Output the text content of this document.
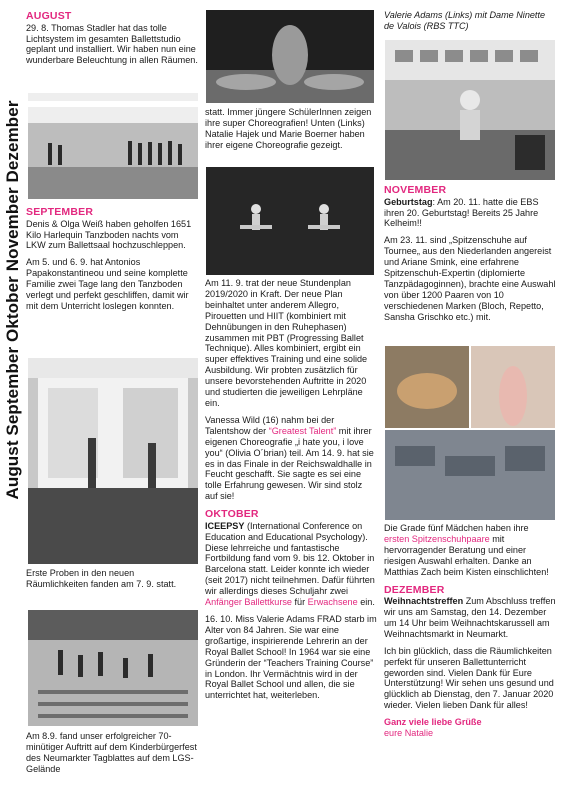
August September Oktober November Dezember
AUGUST

29. 8. Thomas Stadler hat das tolle Lichtsystem im gesamten Ballettstudio geplant und installiert. Wir haben nun eine wunderbare Beleuchtung in allen Räumen.

SEPTEMBER

Denis & Olga Weiß haben geholfen 1651 Kilo Harlequin Tanzboden nachts vom LKW zum Ballettsaal hochzuschleppen.

Am 5. und 6. 9. hat Antonios Papakonstantineou und seine komplette Familie zwei Tage lang den Tanzboden verlegt und perfekt geschliffen, damit wir mit dem Unterricht loslegen konnten.

Erste Proben in den neuen Räumlichkeiten fanden am 7. 9. statt.

Am 8.9. fand unser erfolgreicher 70-minütiger Auftritt auf dem Kinderbürgerfest des Neumarkter Tagblattes auf dem LGS-Gelände

statt. Immer jüngere SchülerInnen zeigen ihre super Choreografien! Unten (Links) Natalie Hajek und Marie Boerner haben ihrer eigene Choreografie gezeigt.

Am 11. 9. trat der neue Stundenplan 2019/2020 in Kraft. Der neue Plan beinhaltet unter anderem Allegro, Pirouetten und HIIT (kombiniert mit Dehnübungen in den Ruhephasen) zusammen mit PBT (Progressing Ballet Technique). Alles kombiniert, ergibt ein super effektives Training und eine solide Ausbildung. Wir probten zusätzlich für unsere bevorstehenden Auftritte in 2020 und studierten die jeweiligen Lehrpläne ein.

Vanessa Wild (16) nahm bei der Talentshow der “Greatest Talent” mit ihrer eigenen Choreografie „i hate you, i love you“ (Olivia O´brian) teil. Am 14. 9. hat sie es in das Finale in der Reichswaldhalle in Feucht geschafft. Sie sagte es sei eine tolle Erfahrung gewesen. Wir sind stolz auf sie!

OKTOBER

ICEEPSY (International Conference on Education and Educational Psychology). Diese lehrreiche und fantastische Fortbildung fand vom 9. bis 12. Oktober in Barcelona statt. Leider konnte ich wieder (seit 2017) nicht teilnehmen. Dafür führten wir allerdings dieses Schuljahr zwei Anfänger Ballettkurse für Erwachsene ein.

16. 10. Miss Valerie Adams FRAD starb im Alter von 84 Jahren. Sie war eine großartige, inspirierende Lehrerin an der Royal Ballet School! In 1964 war sie eine Gründerin der “Teachers Training Course” in London. Ihr Vermächtnis wird in der Royal Ballet School und allen, die sie unterrichtet hat, weiterleben.

Valerie Adams (Links) mit Dame Ninette de Valois (RBS TTC)

NOVEMBER

Geburtstag: Am 20. 11. hatte die EBS ihren 20. Geburtstag! Bereits 25 Jahre Kelheim!!

Am 23. 11. sind „Spitzenschuhe auf Tournee„ aus den Niederlanden angereist und Ariane Smink, eine erfahrene Spitzenschuh-Expertin (diplomierte Tanzpädagoginnen), brachte eine Auswahl von über 1200 Paaren von 10 verschiedenen Marken (Bloch, Repetto, Sansha Grischko etc.) mit.

Die Grade fünf Mädchen haben ihre ersten Spitzenschuhpaare mit hervorragender Beratung und einer riesigen Auswahl erhalten. Danke an Matthias Zach beim Kisten einschlichten!

DEZEMBER

Weihnachtstreffen Zum Abschluss treffen wir uns am Samstag, den 14. Dezember um 14 Uhr beim Weihnachtskarussell am Weihnachtsmarkt in Neumarkt.

Ich bin glücklich, dass die Räumlichkeiten perfekt für unseren Ballettunterricht geworden sind. Vielen Dank für Eure Unterstützung! Wir sehen uns gesund und glücklich ab Dienstag, den 7. Januar 2020 wieder. Vielen lieben Dank für alles!

Ganz viele liebe Grüße
eure Natalie
